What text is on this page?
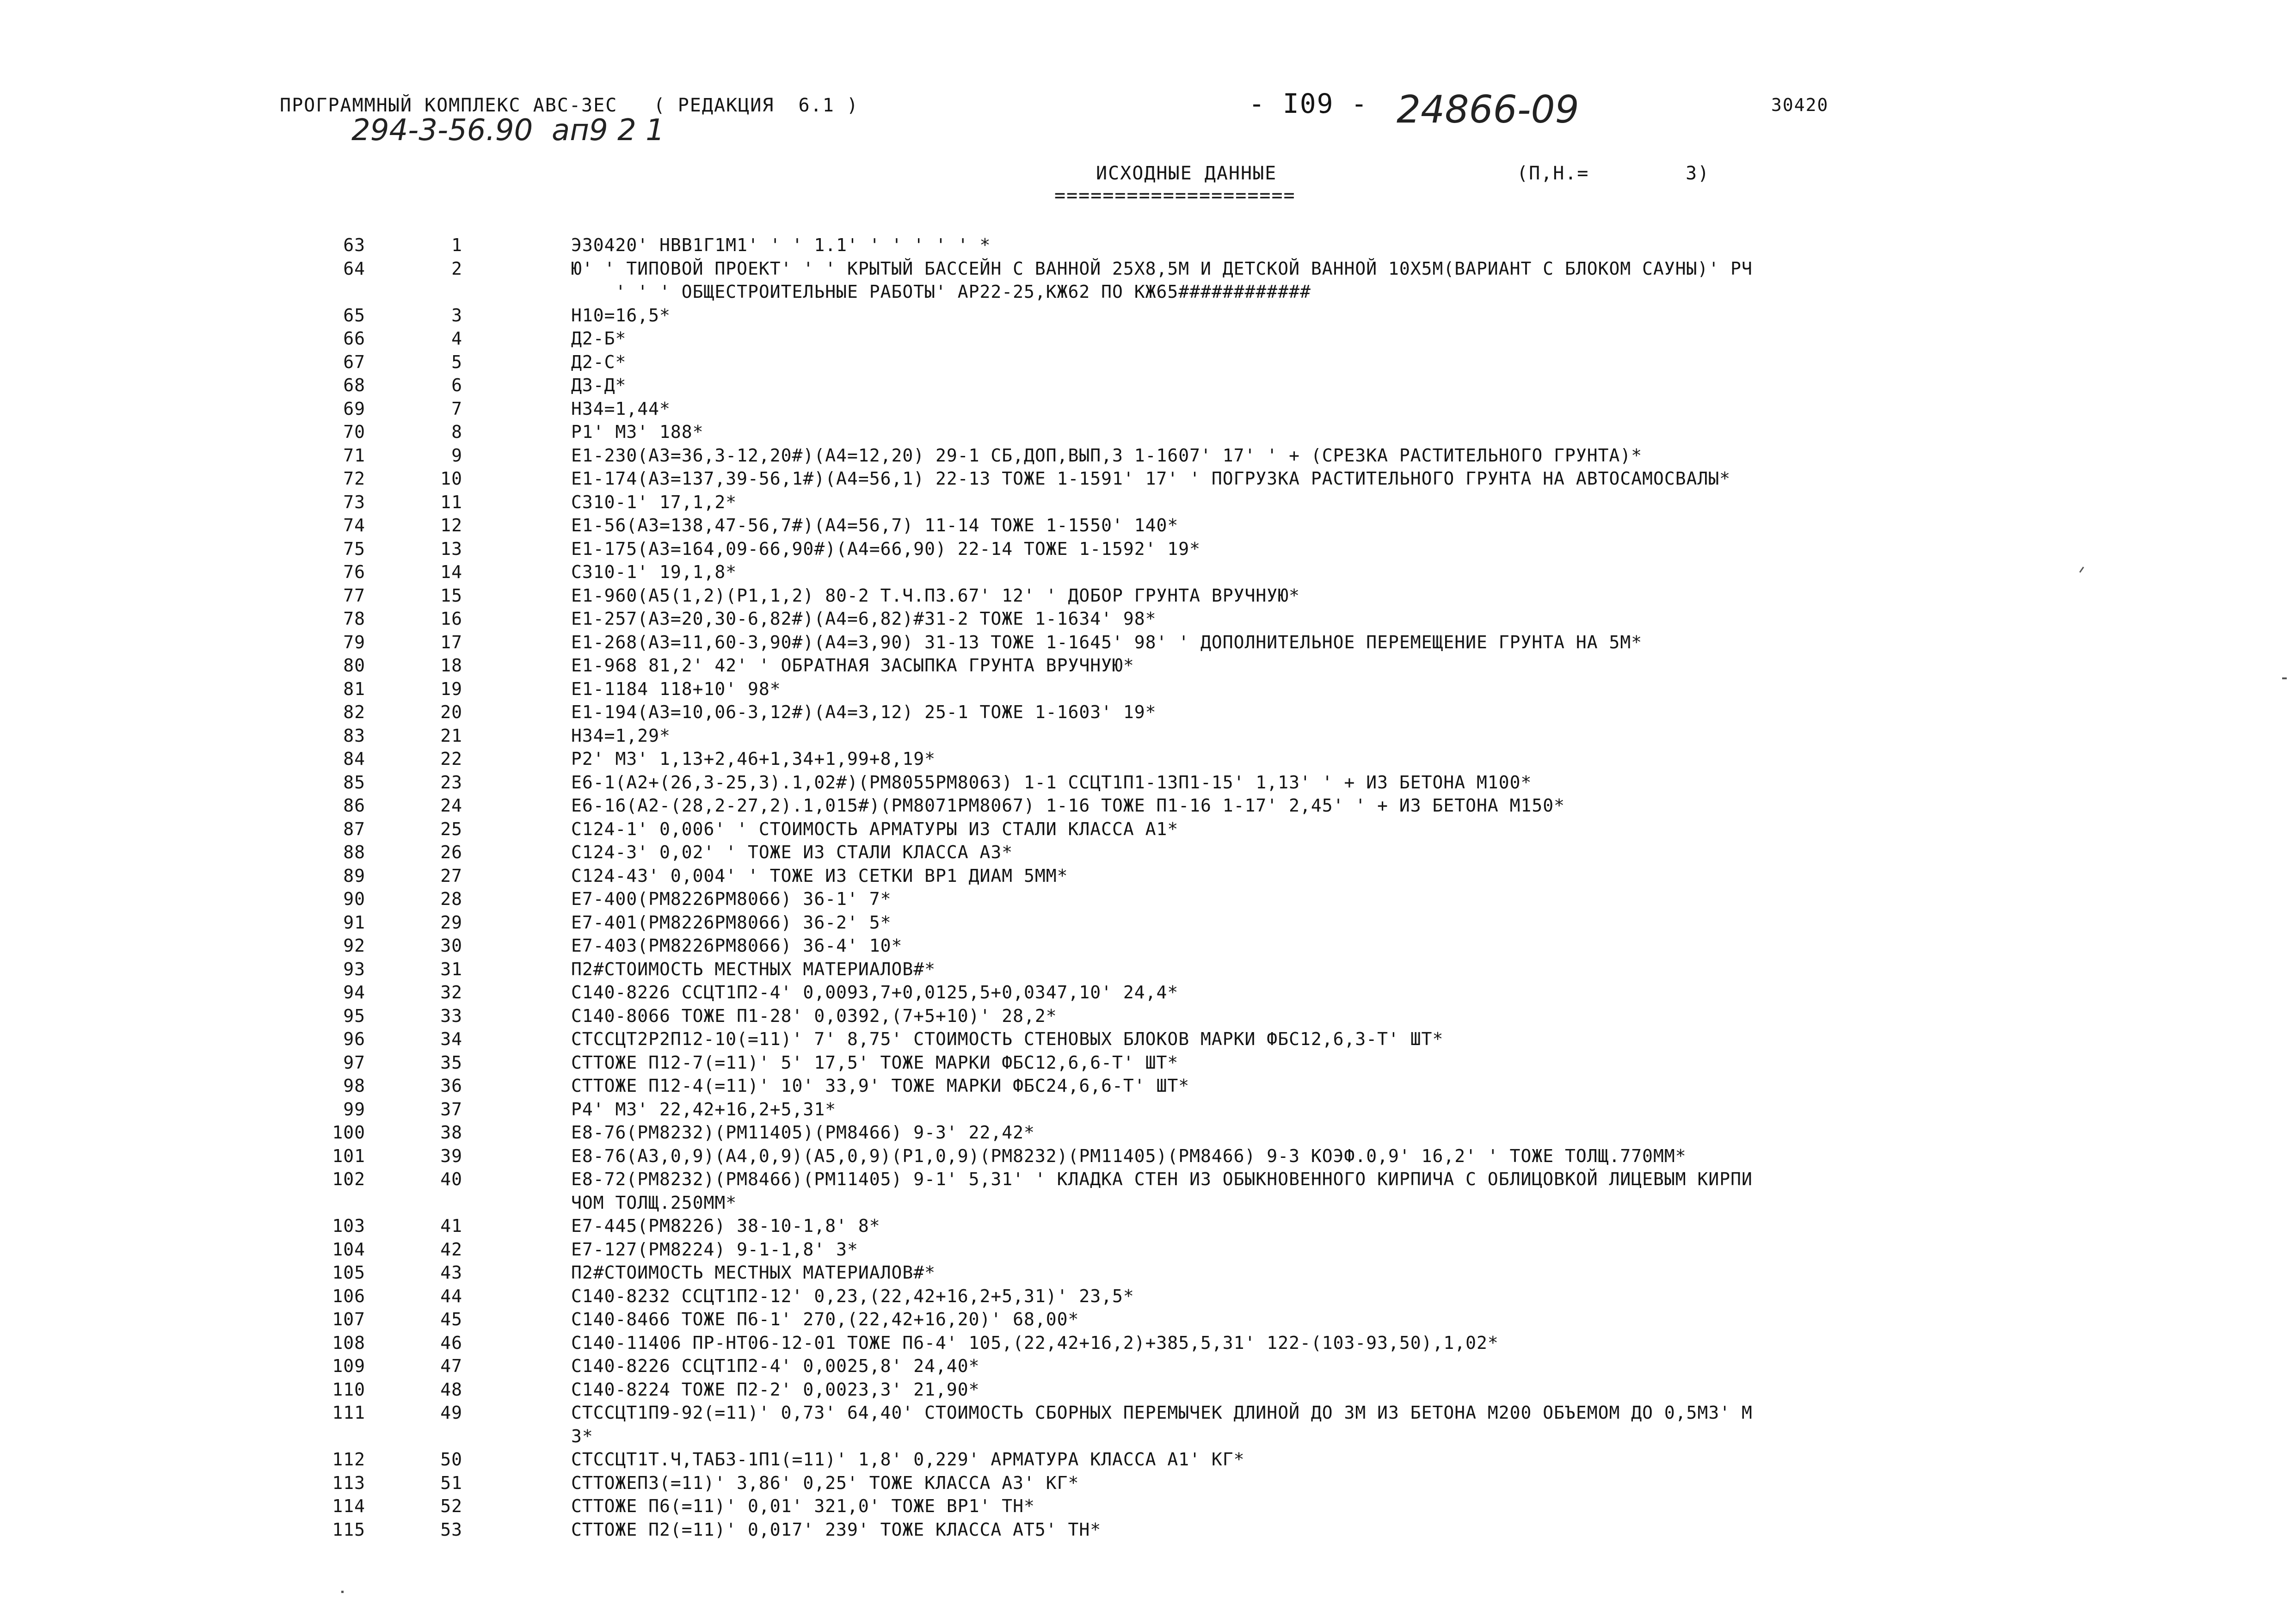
ПРОГРАММНЫЙ КОМПЛЕКС АВС-ЗЕС   ( РЕДАКЦИЯ  6.1 )
294-3-56.90  ап9 2 1
- I09 - 24866-09	30420
ИСХОДНЫЕ ДАННЫЕ
====================
(П,Н.=        3)
63	1	ЭЗ0420' НВВ1Г1М1' ' ' 1.1' ' ' ' ' ' *
64	2	Ю' ' ТИПОВОЙ ПРОЕКТ' ' ' КРЫТЫЙ БАССЕЙН С ВАННОЙ 25Х8,5М И ДЕТСКОЙ ВАННОЙ 10Х5М(ВАРИАНТ С БЛОКОМ САУНЫ)' РЧ
' ' ' ОБЩЕСТРОИТЕЛЬНЫЕ РАБОТЫ' АР22-25,КЖ62 ПО КЖ65############
65	3	Н10=16,5*
66	4	Д2-Б*
67	5	Д2-С*
68	6	Д3-Д*
69	7	Н34=1,44*
70	8	Р1' М3' 188*
71	9	Е1-230(А3=36,3-12,20#)(А4=12,20) 29-1 СБ,ДОП,ВЫП,3 1-1607' 17' ' + (СРЕЗКА РАСТИТЕЛЬНОГО ГРУНТА)*
72	10	Е1-174(А3=137,39-56,1#)(А4=56,1) 22-13 ТОЖЕ 1-1591' 17' ' ПОГРУЗКА РАСТИТЕЛЬНОГО ГРУНТА НА АВТОСАМОСВАЛЫ*
73	11	С310-1' 17,1,2*
74	12	Е1-56(А3=138,47-56,7#)(А4=56,7) 11-14 ТОЖЕ 1-1550' 140*
75	13	Е1-175(А3=164,09-66,90#)(А4=66,90) 22-14 ТОЖЕ 1-1592' 19*
76	14	С310-1' 19,1,8*
77	15	Е1-960(А5(1,2)(Р1,1,2) 80-2 Т.Ч.П3.67' 12' ' ДОБОР ГРУНТА ВРУЧНУЮ*
78	16	Е1-257(А3=20,30-6,82#)(А4=6,82)#31-2 ТОЖЕ 1-1634' 98*
79	17	Е1-268(А3=11,60-3,90#)(А4=3,90) 31-13 ТОЖЕ 1-1645' 98' ' ДОПОЛНИТЕЛЬНОЕ ПЕРЕМЕЩЕНИЕ ГРУНТА НА 5М*
80	18	Е1-968 81,2' 42' ' ОБРАТНАЯ ЗАСЫПКА ГРУНТА ВРУЧНУЮ*
81	19	Е1-1184 118+10' 98*
82	20	Е1-194(А3=10,06-3,12#)(А4=3,12) 25-1 ТОЖЕ 1-1603' 19*
83	21	Н34=1,29*
84	22	Р2' М3' 1,13+2,46+1,34+1,99+8,19*
85	23	Е6-1(А2+(26,3-25,3).1,02#)(РМ8055РМ8063) 1-1 ССЦТ1П1-13П1-15' 1,13' ' + ИЗ БЕТОНА М100*
86	24	Е6-16(А2-(28,2-27,2).1,015#)(РМ8071РМ8067) 1-16 ТОЖЕ П1-16 1-17' 2,45' ' + ИЗ БЕТОНА М150*
87	25	С124-1' 0,006' ' СТОИМОСТЬ АРМАТУРЫ ИЗ СТАЛИ КЛАССА А1*
88	26	С124-3' 0,02' ' ТОЖЕ ИЗ СТАЛИ КЛАССА А3*
89	27	С124-43' 0,004' ' ТОЖЕ ИЗ СЕТКИ ВР1 ДИАМ 5ММ*
90	28	Е7-400(РМ8226РМ8066) 36-1' 7*
91	29	Е7-401(РМ8226РМ8066) 36-2' 5*
92	30	Е7-403(РМ8226РМ8066) 36-4' 10*
93	31	П2#СТОИМОСТЬ МЕСТНЫХ МАТЕРИАЛОВ#*
94	32	С140-8226 ССЦТ1П2-4' 0,0093,7+0,0125,5+0,0347,10' 24,4*
95	33	С140-8066 ТОЖЕ П1-28' 0,0392,(7+5+10)' 28,2*
96	34	СТССЦТ2Р2П12-10(=11)' 7' 8,75' СТОИМОСТЬ СТЕНОВЫХ БЛОКОВ МАРКИ ФБС12,6,3-Т' ШТ*
97	35	СТТОЖЕ П12-7(=11)' 5' 17,5' ТОЖЕ МАРКИ ФБС12,6,6-Т' ШТ*
98	36	СТТОЖЕ П12-4(=11)' 10' 33,9' ТОЖЕ МАРКИ ФБС24,6,6-Т' ШТ*
99	37	Р4' М3' 22,42+16,2+5,31*
100	38	Е8-76(РМ8232)(РМ11405)(РМ8466) 9-3' 22,42*
101	39	Е8-76(А3,0,9)(А4,0,9)(А5,0,9)(Р1,0,9)(РМ8232)(РМ11405)(РМ8466) 9-3 КОЭФ.0,9' 16,2' ' ТОЖЕ ТОЛЩ.770ММ*
102	40	Е8-72(РМ8232)(РМ8466)(РМ11405) 9-1' 5,31' ' КЛАДКА СТЕН ИЗ ОБЫКНОВЕННОГО КИРПИЧА С ОБЛИЦОВКОЙ ЛИЦЕВЫМ КИРПИ
ЧОМ ТОЛЩ.250ММ*
103	41	Е7-445(РМ8226) 38-10-1,8' 8*
104	42	Е7-127(РМ8224) 9-1-1,8' 3*
105	43	П2#СТОИМОСТЬ МЕСТНЫХ МАТЕРИАЛОВ#*
106	44	С140-8232 ССЦТ1П2-12' 0,23,(22,42+16,2+5,31)' 23,5*
107	45	С140-8466 ТОЖЕ П6-1' 270,(22,42+16,20)' 68,00*
108	46	С140-11406 ПР-НТ06-12-01 ТОЖЕ П6-4' 105,(22,42+16,2)+385,5,31' 122-(103-93,50),1,02*
109	47	С140-8226 ССЦТ1П2-4' 0,0025,8' 24,40*
110	48	С140-8224 ТОЖЕ П2-2' 0,0023,3' 21,90*
111	49	СТССЦТ1П9-92(=11)' 0,73' 64,40' СТОИМОСТЬ СБОРНЫХ ПЕРЕМЫЧЕК ДЛИНОЙ ДО 3М ИЗ БЕТОНА М200 ОБЪЕМОМ ДО 0,5М3' М
3*
112	50	СТССЦТ1Т.Ч,ТАБ3-1П1(=11)' 1,8' 0,229' АРМАТУРА КЛАССА А1' КГ*
113	51	СТТОЖЕП3(=11)' 3,86' 0,25' ТОЖЕ КЛАССА А3' КГ*
114	52	СТТОЖЕ П6(=11)' 0,01' 321,0' ТОЖЕ ВР1' ТН*
115	53	СТТОЖЕ П2(=11)' 0,017' 239' ТОЖЕ КЛАССА АТ5' ТН*
